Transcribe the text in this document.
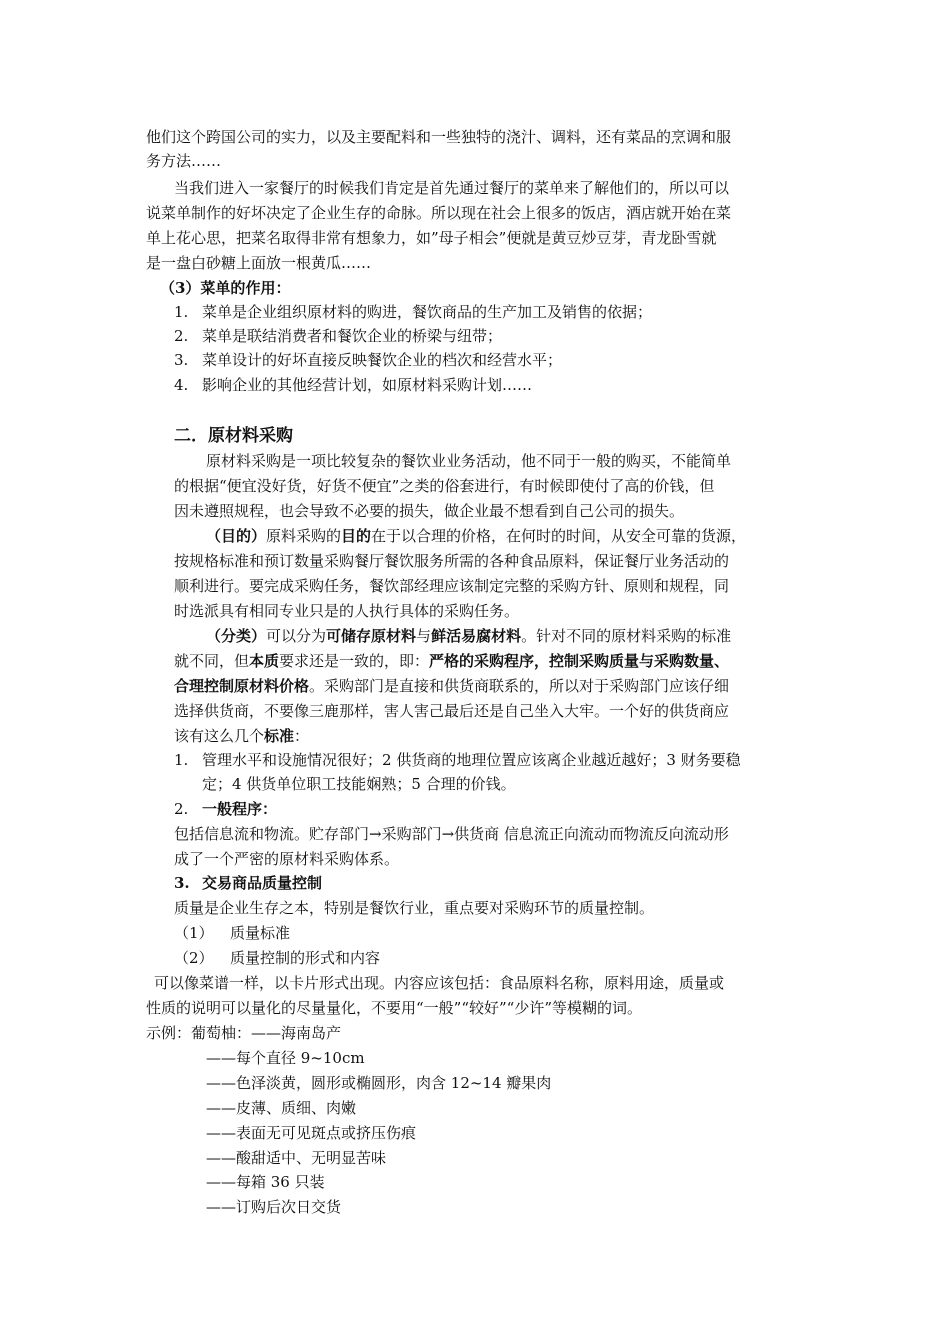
他们这个跨国公司的实力，以及主要配料和一些独特的浇汁、调料，还有菜品的烹调和服
务方法……
当我们进入一家餐厅的时候我们肯定是首先通过餐厅的菜单来了解他们的，所以可以
说菜单制作的好坏决定了企业生存的命脉。所以现在社会上很多的饭店，酒店就开始在菜
单上花心思，把菜名取得非常有想象力，如”母子相会”便就是黄豆炒豆芽，青龙卧雪就
是一盘白砂糖上面放一根黄瓜……
（3）菜单的作用：
1. 菜单是企业组织原材料的购进，餐饮商品的生产加工及销售的依据；
2. 菜单是联结消费者和餐饮企业的桥梁与纽带；
3. 菜单设计的好坏直接反映餐饮企业的档次和经营水平；
4. 影响企业的其他经营计划，如原材料采购计划……
二．原材料采购
原材料采购是一项比较复杂的餐饮业业务活动，他不同于一般的购买，不能简单
的根据“便宜没好货，好货不便宜”之类的俗套进行，有时候即使付了高的价钱，但
因未遵照规程，也会导致不必要的损失，做企业最不想看到自己公司的损失。
（目的）原料采购的目的在于以合理的价格，在何时的时间，从安全可靠的货源，
按规格标准和预订数量采购餐厅餐饮服务所需的各种食品原料，保证餐厅业务活动的
顺利进行。要完成采购任务，餐饮部经理应该制定完整的采购方针、原则和规程，同
时选派具有相同专业只是的人执行具体的采购任务。
（分类）可以分为可储存原材料与鲜活易腐材料。针对不同的原材料采购的标准
就不同，但本质要求还是一致的，即：严格的采购程序，控制采购质量与采购数量、
合理控制原材料价格。采购部门是直接和供货商联系的，所以对于采购部门应该仔细
选择供货商，不要像三鹿那样，害人害己最后还是自己坐入大牢。一个好的供货商应
该有这么几个标准：
1. 管理水平和设施情况很好；2 供货商的地理位置应该离企业越近越好；3 财务要稳
定；4 供货单位职工技能娴熟；5 合理的价钱。
2. 一般程序：
包括信息流和物流。贮存部门→采购部门→供货商 信息流正向流动而物流反向流动形
成了一个严密的原材料采购体系。
3. 交易商品质量控制
质量是企业生存之本，特别是餐饮行业，重点要对采购环节的质量控制。
（1） 质量标准
（2） 质量控制的形式和内容
可以像菜谱一样，以卡片形式出现。内容应该包括：食品原料名称，原料用途，质量或
性质的说明可以量化的尽量量化，不要用“一般”“较好”“少许”等模糊的词。
示例：葡萄柚：——海南岛产
——每个直径 9~10cm
——色泽淡黄，圆形或椭圆形，肉含 12~14 瓣果肉
——皮薄、质细、肉嫩
——表面无可见斑点或挤压伤痕
——酸甜适中、无明显苦味
——每箱 36 只装
——订购后次日交货
